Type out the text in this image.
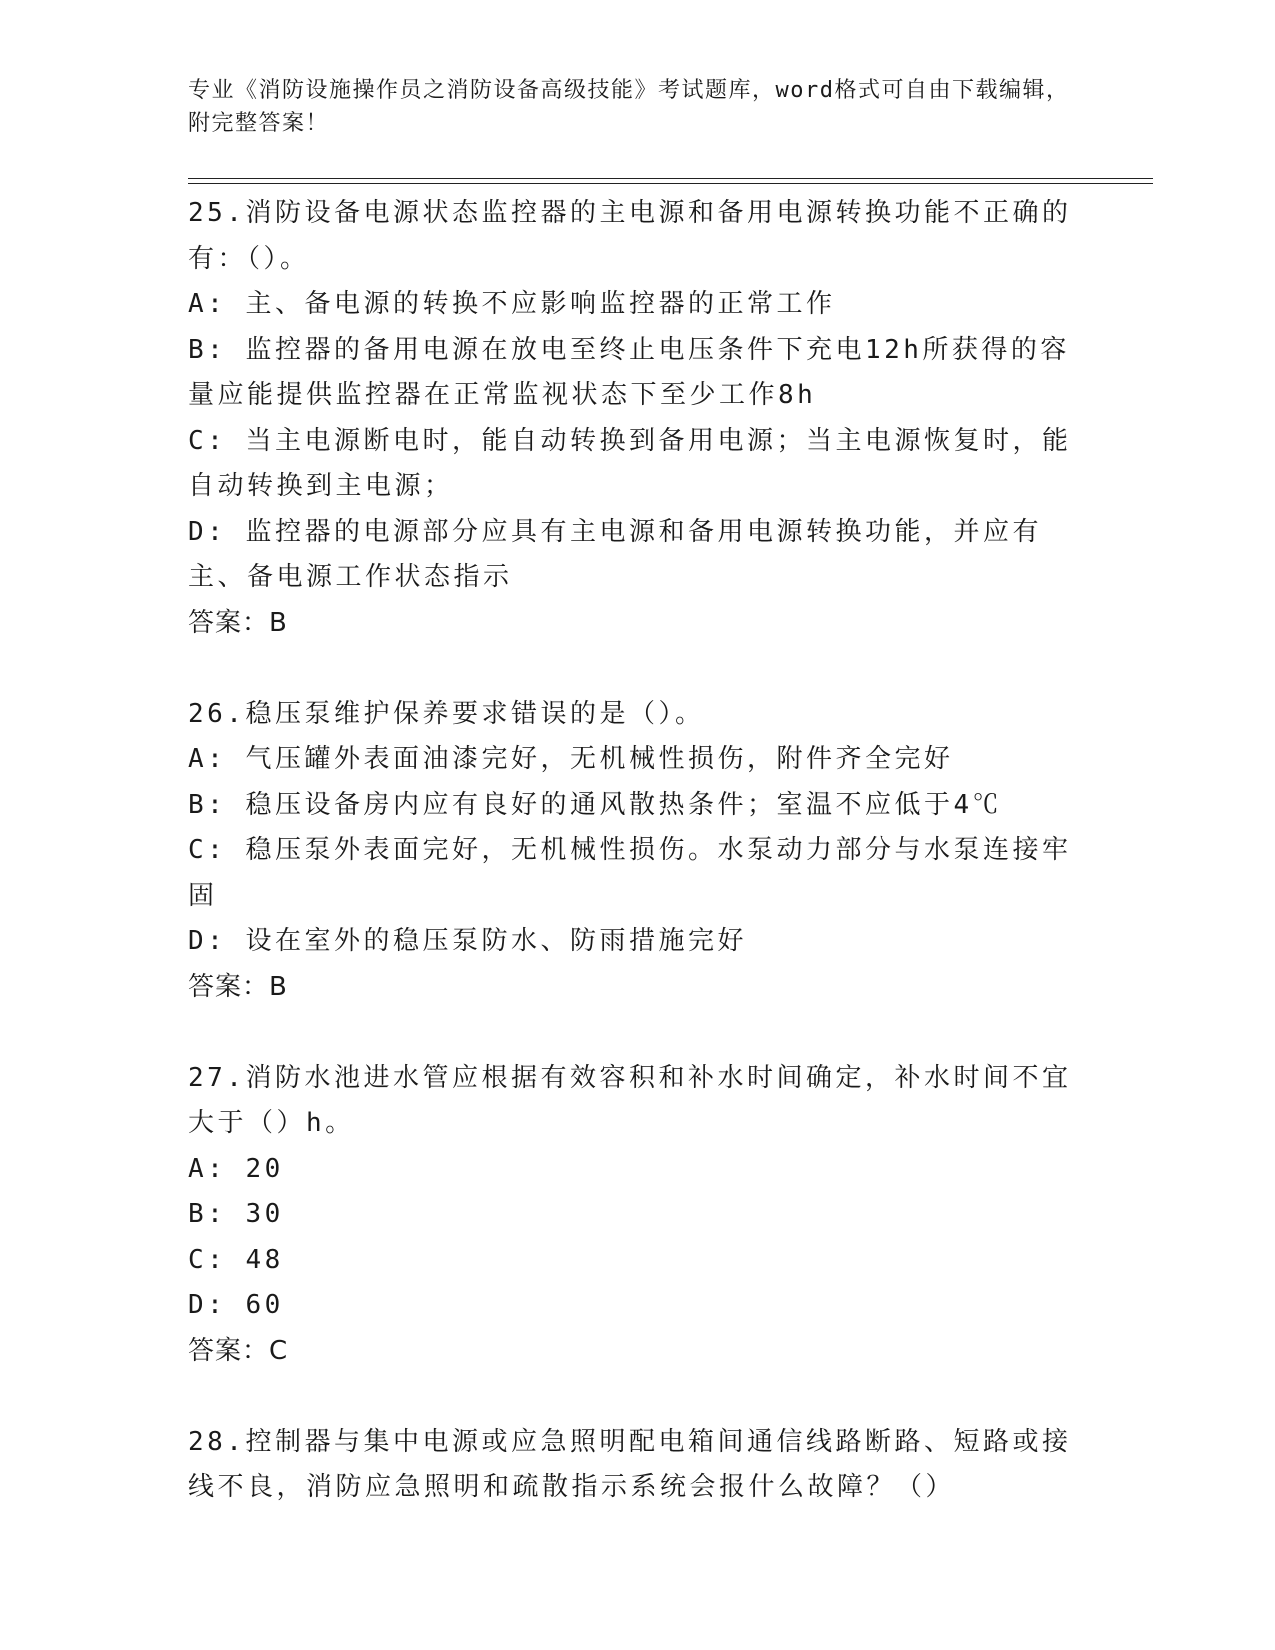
专业《消防设施操作员之消防设备高级技能》考试题库，word格式可自由下载编辑，附完整答案！

25.消防设备电源状态监控器的主电源和备用电源转换功能不正确的有：（）。

A: 主、备电源的转换不应影响监控器的正常工作

B: 监控器的备用电源在放电至终止电压条件下充电12h所获得的容量应能提供监控器在正常监视状态下至少工作8h

C: 当主电源断电时，能自动转换到备用电源；当主电源恢复时，能自动转换到主电源；

D: 监控器的电源部分应具有主电源和备用电源转换功能，并应有主、备电源工作状态指示

答案：B

26.稳压泵维护保养要求错误的是（）。

A: 气压罐外表面油漆完好，无机械性损伤，附件齐全完好

B: 稳压设备房内应有良好的通风散热条件；室温不应低于4℃

C: 稳压泵外表面完好，无机械性损伤。水泵动力部分与水泵连接牢固

D: 设在室外的稳压泵防水、防雨措施完好

答案：B

27.消防水池进水管应根据有效容积和补水时间确定，补水时间不宜大于（）h。

A: 20

B: 30

C: 48

D: 60

答案：C

28.控制器与集中电源或应急照明配电箱间通信线路断路、短路或接线不良，消防应急照明和疏散指示系统会报什么故障？（）
